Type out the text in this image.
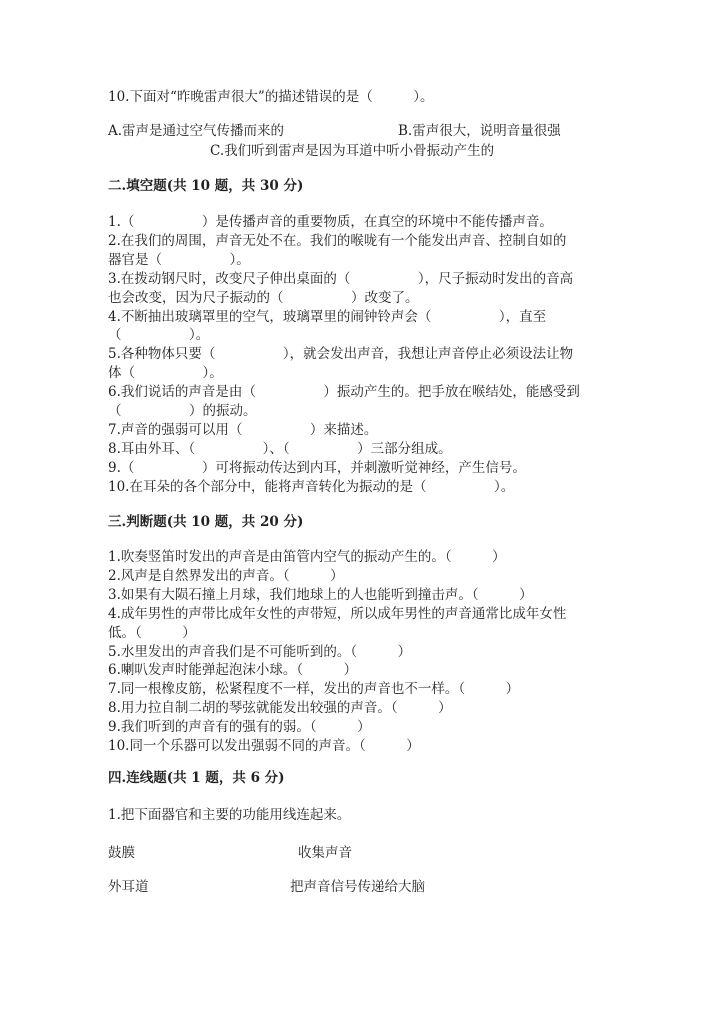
10.下面对“昨晚雷声很大”的描述错误的是（　　　）。
A.雷声是通过空气传播而来的	B.雷声很大，说明音量很强
C.我们听到雷声是因为耳道中听小骨振动产生的
二.填空题(共 10 题，共 30 分)
1.（　　　　　）是传播声音的重要物质，在真空的环境中不能传播声音。
2.在我们的周围，声音无处不在。我们的喉咙有一个能发出声音、控制自如的
器官是（　　　　　）。
3.在拨动钢尺时，改变尺子伸出桌面的（　　　　　），尺子振动时发出的音高
也会改变，因为尺子振动的（　　　　　）改变了。
4.不断抽出玻璃罩里的空气，玻璃罩里的闹钟铃声会（　　　　　），直至
（　　　　　）。
5.各种物体只要（　　　　　），就会发出声音，我想让声音停止必须设法让物
体（　　　　　）。
6.我们说话的声音是由（　　　　　）振动产生的。把手放在喉结处，能感受到
（　　　　　）的振动。
7.声音的强弱可以用（　　　　　）来描述。
8.耳由外耳、（　　　　　）、（　　　　　）三部分组成。
9.（　　　　　）可将振动传达到内耳，并刺激听觉神经，产生信号。
10.在耳朵的各个部分中，能将声音转化为振动的是（　　　　　）。
三.判断题(共 10 题，共 20 分)
1.吹奏竖笛时发出的声音是由笛管内空气的振动产生的。（　　　）
2.风声是自然界发出的声音。（　　　）
3.如果有大陨石撞上月球，我们地球上的人也能听到撞击声。（　　　）
4.成年男性的声带比成年女性的声带短，所以成年男性的声音通常比成年女性
低。（　　　）
5.水里发出的声音我们是不可能听到的。（　　　）
6.喇叭发声时能弹起泡沫小球。（　　　）
7.同一根橡皮筋，松紧程度不一样，发出的声音也不一样。（　　　）
8.用力拉自制二胡的琴弦就能发出较强的声音。（　　　）
9.我们听到的声音有的强有的弱。（　　　）
10.同一个乐器可以发出强弱不同的声音。（　　　）
四.连线题(共 1 题，共 6 分)
1.把下面器官和主要的功能用线连起来。
鼓膜	收集声音
外耳道	把声音信号传递给大脑
